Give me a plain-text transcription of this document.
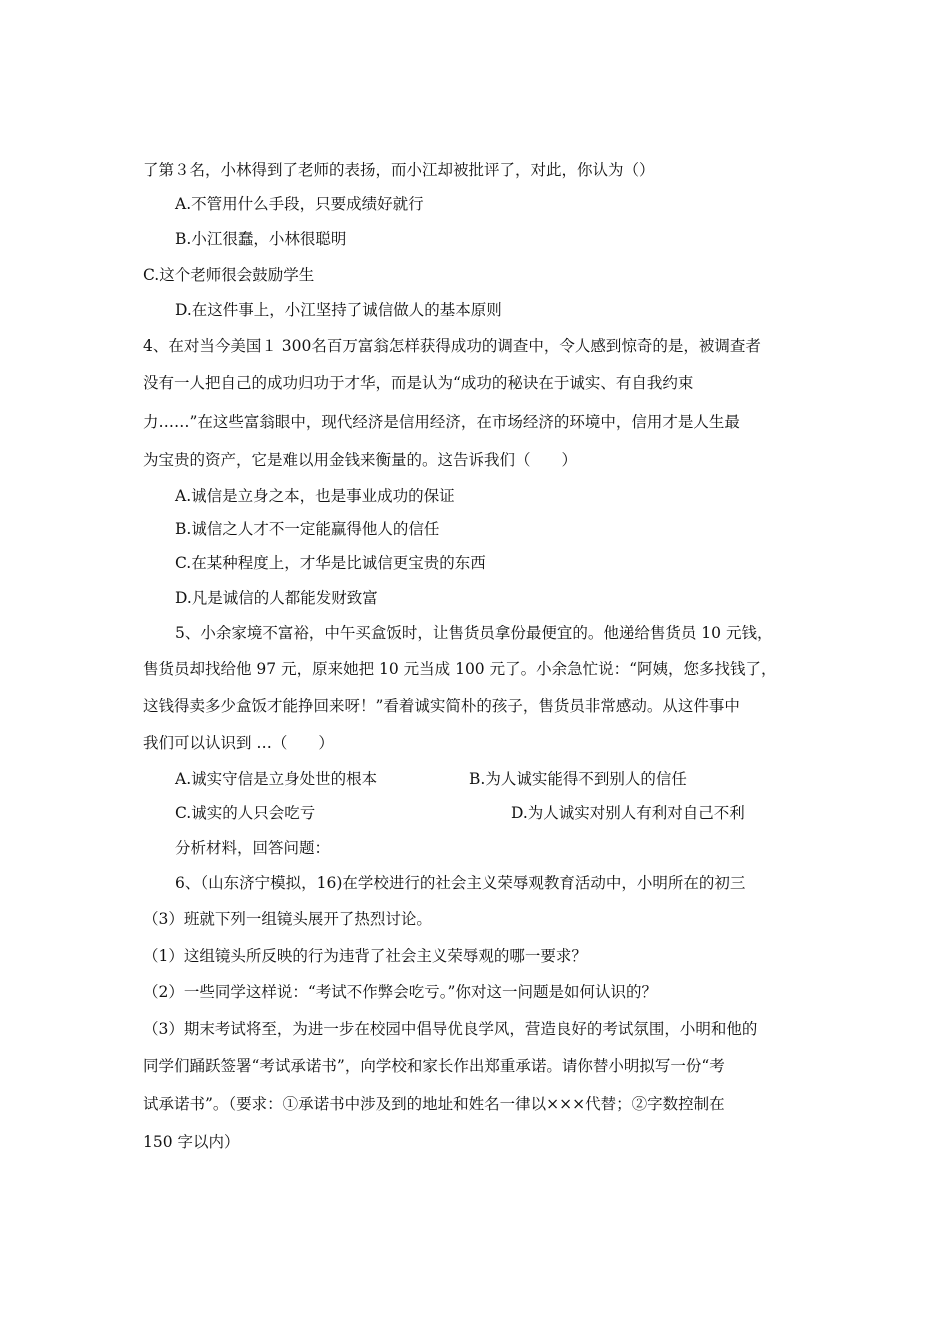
了第３名，小林得到了老师的表扬，而小江却被批评了，对此，你认为（）
A.不管用什么手段，只要成绩好就行
B.小江很蠢，小林很聪明
C.这个老师很会鼓励学生
D.在这件事上，小江坚持了诚信做人的基本原则
4、在对当今美国１ 300名百万富翁怎样获得成功的调查中，令人感到惊奇的是，被调查者
没有一人把自己的成功归功于才华，而是认为“成功的秘诀在于诚实、有自我约束
力……”在这些富翁眼中，现代经济是信用经济，在市场经济的环境中，信用才是人生最
为宝贵的资产，它是难以用金钱来衡量的。这告诉我们（　　）
A.诚信是立身之本，也是事业成功的保证
B.诚信之人才不一定能赢得他人的信任
C.在某种程度上，才华是比诚信更宝贵的东西
D.凡是诚信的人都能发财致富
5、小余家境不富裕，中午买盒饭时，让售货员拿份最便宜的。他递给售货员 10 元钱，
售货员却找给他 97 元，原来她把 10 元当成 100 元了。小余急忙说：“阿姨，您多找钱了，
这钱得卖多少盒饭才能挣回来呀！”看着诚实简朴的孩子，售货员非常感动。从这件事中
我们可以认识到 …（　　）
A.诚实守信是立身处世的根本	B.为人诚实能得不到别人的信任
C.诚实的人只会吃亏	D.为人诚实对别人有利对自己不利
分析材料，回答问题：
6、（山东济宁模拟，16)在学校进行的社会主义荣辱观教育活动中，小明所在的初三
（3）班就下列一组镜头展开了热烈讨论。
（1）这组镜头所反映的行为违背了社会主义荣辱观的哪一要求？
（2）一些同学这样说：“考试不作弊会吃亏。”你对这一问题是如何认识的？
（3）期末考试将至，为进一步在校园中倡导优良学风，营造良好的考试氛围，小明和他的
同学们踊跃签署“考试承诺书”，向学校和家长作出郑重承诺。请你替小明拟写一份“考
试承诺书”。（要求：①承诺书中涉及到的地址和姓名一律以×××代替；②字数控制在
150 字以内）
